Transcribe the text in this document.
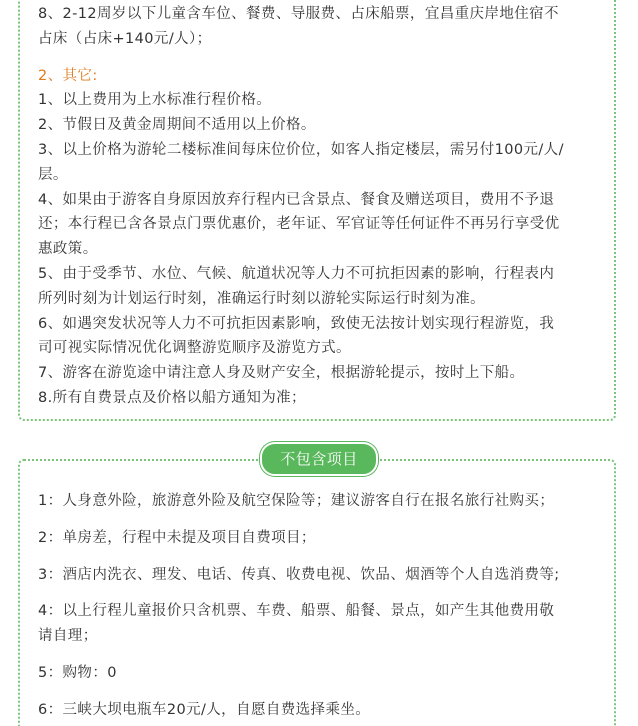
8、2-12周岁以下儿童含车位、餐费、导服费、占床船票，宜昌重庆岸地住宿不

占床（占床+140元/人）；

2、其它:

1、以上费用为上水标准行程价格。

2、节假日及黄金周期间不适用以上价格。

3、以上价格为游轮二楼标准间每床位价位，如客人指定楼层，需另付100元/人/

层。

4、如果由于游客自身原因放弃行程内已含景点、餐食及赠送项目，费用不予退

还；本行程已含各景点门票优惠价，老年证、军官证等任何证件不再另行享受优

惠政策。

5、由于受季节、水位、气候、航道状况等人力不可抗拒因素的影响，行程表内

所列时刻为计划运行时刻，准确运行时刻以游轮实际运行时刻为准。

6、如遇突发状况等人力不可抗拒因素影响，致使无法按计划实现行程游览，我

司可视实际情况优化调整游览顺序及游览方式。

7、游客在游览途中请注意人身及财产安全，根据游轮提示，按时上下船。

8.所有自费景点及价格以船方通知为准；

1：人身意外险，旅游意外险及航空保险等；建议游客自行在报名旅行社购买；

2：单房差，行程中未提及项目自费项目；

3：酒店内洗衣、理发、电话、传真、收费电视、饮品、烟酒等个人自选消费等;

4：以上行程儿童报价只含机票、车费、船票、船餐、景点，如产生其他费用敬

请自理；

5：购物：0

6：三峡大坝电瓶车20元/人，自愿自费选择乘坐。

不包含项目
